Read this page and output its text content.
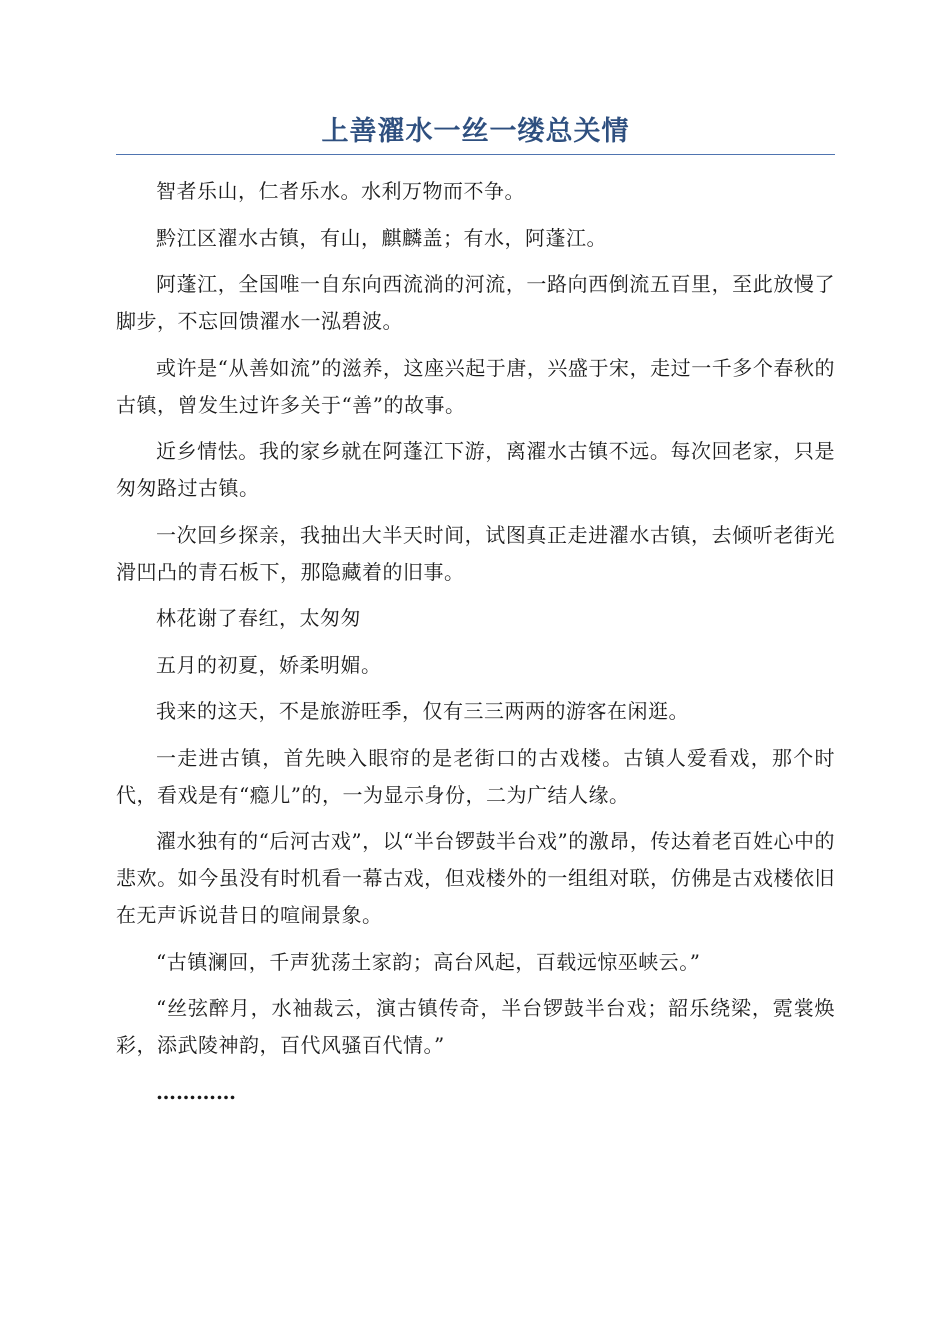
上善濯水一丝一缕总关情

智者乐山，仁者乐水。水利万物而不争。

黔江区濯水古镇，有山，麒麟盖；有水，阿蓬江。

阿蓬江，全国唯一自东向西流淌的河流，一路向西倒流五百里，至此放慢了脚步，不忘回馈濯水一泓碧波。

或许是“从善如流”的滋养，这座兴起于唐，兴盛于宋，走过一千多个春秋的古镇，曾发生过许多关于“善”的故事。

近乡情怯。我的家乡就在阿蓬江下游，离濯水古镇不远。每次回老家，只是匆匆路过古镇。

一次回乡探亲，我抽出大半天时间，试图真正走进濯水古镇，去倾听老街光滑凹凸的青石板下，那隐藏着的旧事。

林花谢了春红，太匆匆

五月的初夏，娇柔明媚。

我来的这天，不是旅游旺季，仅有三三两两的游客在闲逛。

一走进古镇，首先映入眼帘的是老街口的古戏楼。古镇人爱看戏，那个时代，看戏是有“瘾儿”的，一为显示身份，二为广结人缘。

濯水独有的“后河古戏”，以“半台锣鼓半台戏”的激昂，传达着老百姓心中的悲欢。如今虽没有时机看一幕古戏，但戏楼外的一组组对联，仿佛是古戏楼依旧在无声诉说昔日的喧闹景象。

“古镇澜回，千声犹荡土家韵；高台风起，百载远惊巫峡云。”

“丝弦醉月，水袖裁云，演古镇传奇，半台锣鼓半台戏；韶乐绕梁，霓裳焕彩，添武陵神韵，百代风骚百代情。”

…………
